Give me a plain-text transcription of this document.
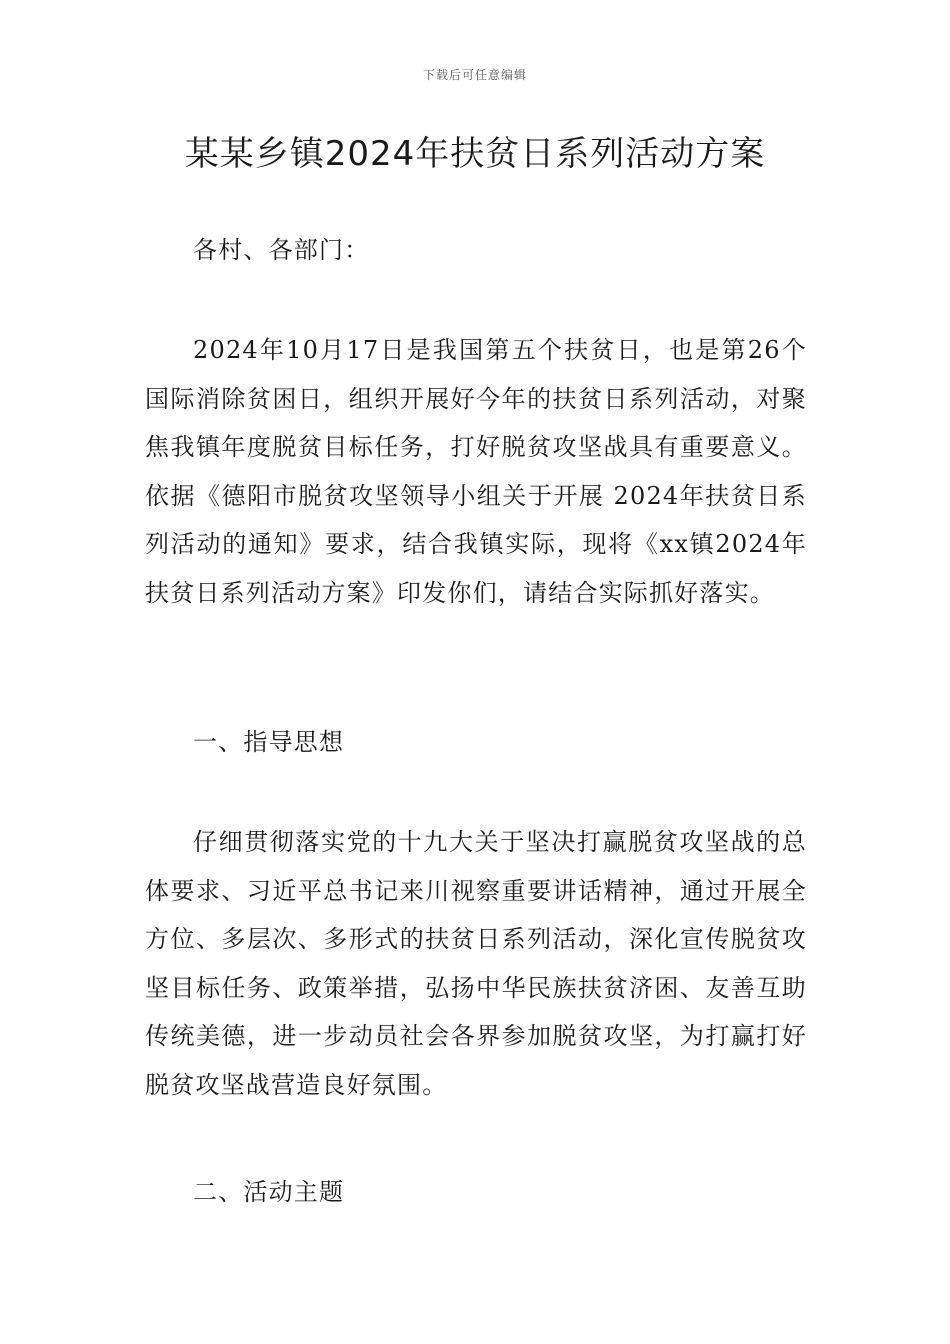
下载后可任意编辑
某某乡镇2024年扶贫日系列活动方案

各村、各部门：

2024年10月17日是我国第五个扶贫日，也是第26个国际消除贫困日，组织开展好今年的扶贫日系列活动，对聚焦我镇年度脱贫目标任务，打好脱贫攻坚战具有重要意义。依据《德阳市脱贫攻坚领导小组关于开展 2024年扶贫日系列活动的通知》要求，结合我镇实际，现将《xx镇2024年扶贫日系列活动方案》印发你们，请结合实际抓好落实。

一、指导思想

仔细贯彻落实党的十九大关于坚决打赢脱贫攻坚战的总体要求、习近平总书记来川视察重要讲话精神，通过开展全方位、多层次、多形式的扶贫日系列活动，深化宣传脱贫攻坚目标任务、政策举措，弘扬中华民族扶贫济困、友善互助传统美德，进一步动员社会各界参加脱贫攻坚，为打赢打好脱贫攻坚战营造良好氛围。

二、活动主题
